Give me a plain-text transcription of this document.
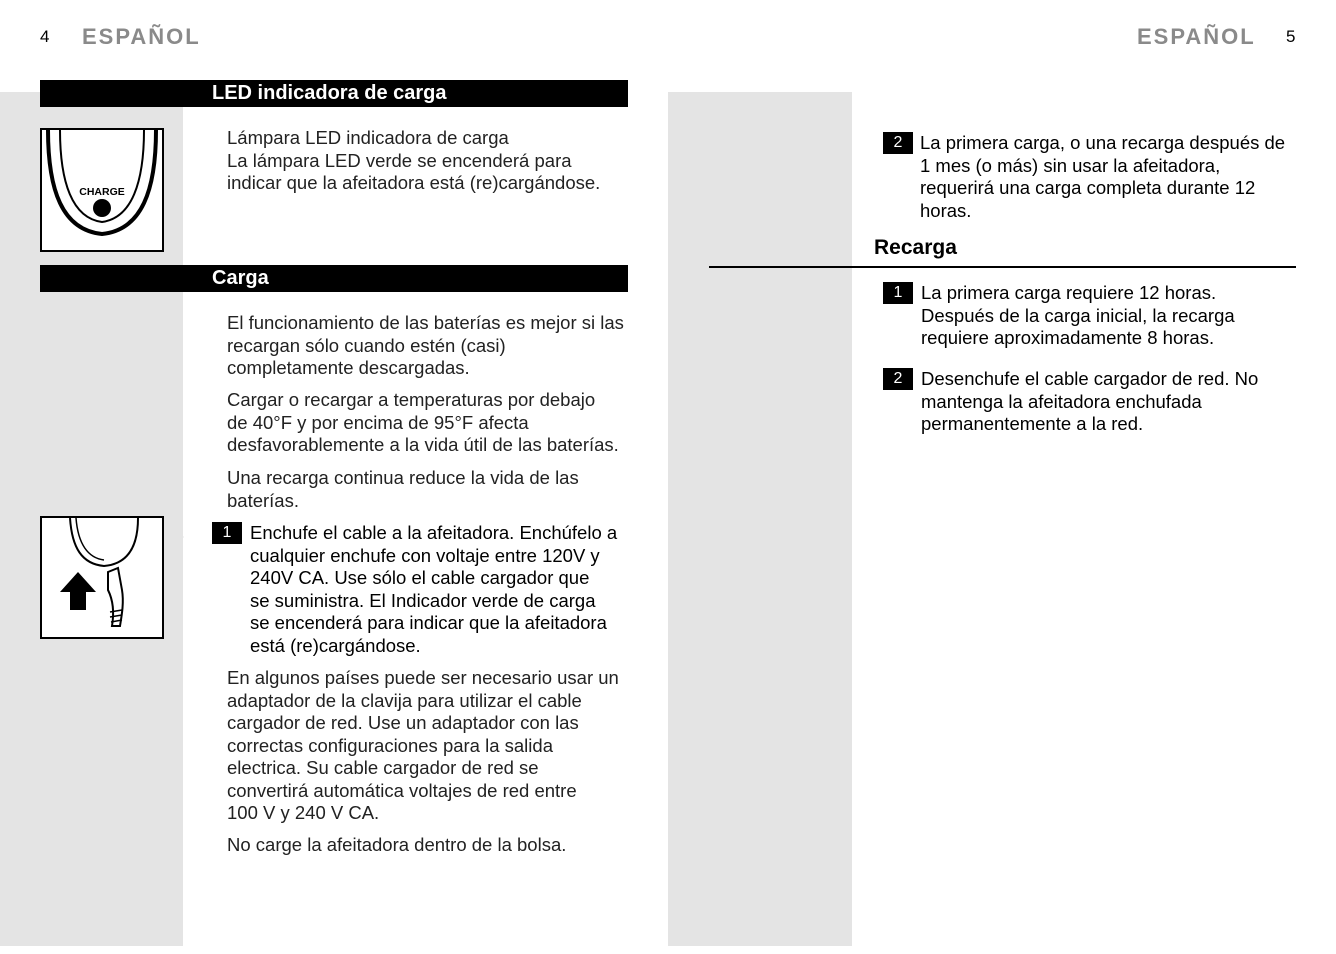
4 ESPAÑOL	ESPAÑOL 5
LED indicadora de carga
CHARGE
Lámpara LED indicadora de carga
La lámpara LED verde se encenderá para
indicar que la afeitadora está (re)cargándose.
Carga
El funcionamiento de las baterías es mejor si las
recargan sólo cuando estén (casi)
completamente descargadas.
Cargar o recargar a temperaturas por debajo
de 40°F y por encima de 95°F afecta
desfavorablemente a la vida útil de las baterías.
Una recarga continua reduce la vida de las
baterías.
1	Enchufe el cable a la afeitadora. Enchúfelo a
cualquier enchufe con voltaje entre 120V y
240V CA. Use sólo el cable cargador que
se suministra. El Indicador verde de carga
se encenderá para indicar que la afeitadora
está (re)cargándose.
En algunos países puede ser necesario usar un
adaptador de la clavija para utilizar el cable
cargador de red. Use un adaptador con las
correctas configuraciones para la salida
electrica. Su cable cargador de red se
convertirá automática voltajes de red entre
100 V y 240 V CA.
No carge la afeitadora dentro de la bolsa.
2 La primera carga, o una recarga después de
1 mes (o más) sin usar la afeitadora,
requerirá una carga completa durante 12
horas.
Recarga
1	La primera carga requiere 12 horas.
Después de la carga inicial, la recarga
requiere aproximadamente 8 horas.
2	Desenchufe el cable cargador de red. No
mantenga la afeitadora enchufada
permanentemente a la red.
